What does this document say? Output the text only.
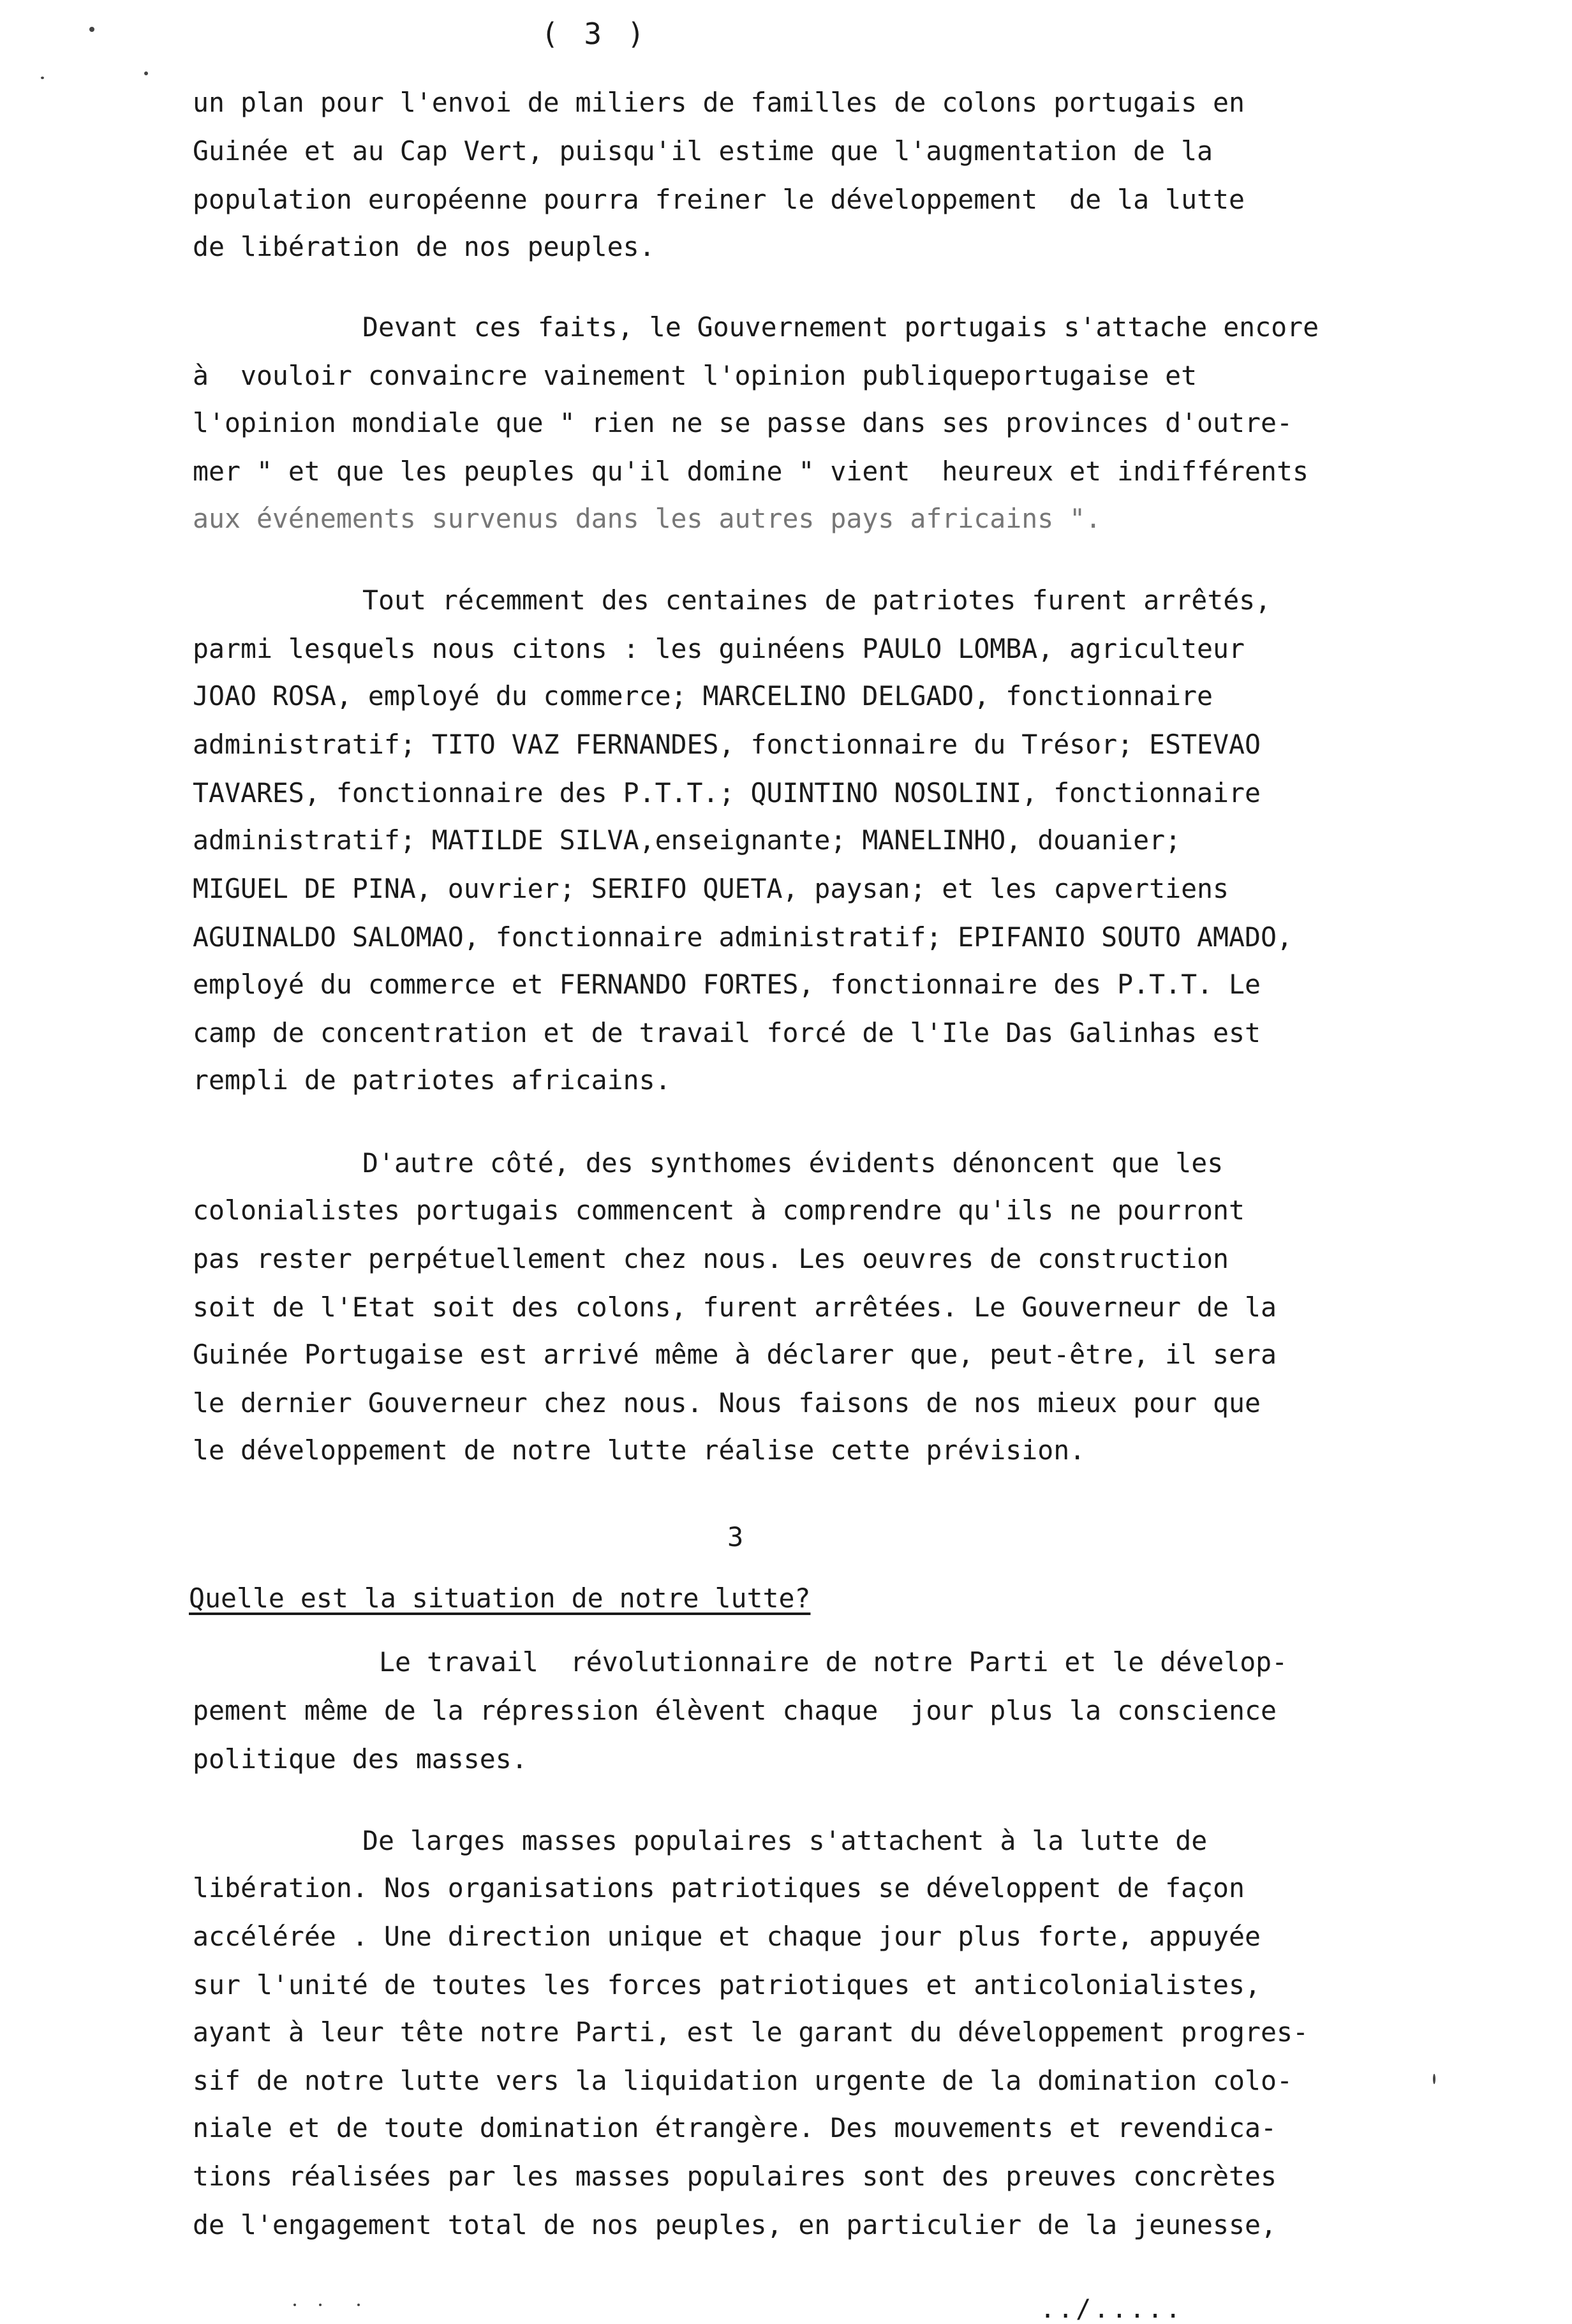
( 3 )
un plan pour l'envoi de miliers de familles de colons portugais en
Guinée et au Cap Vert, puisqu'il estime que l'augmentation de la
population européenne pourra freiner le développement  de la lutte
de libération de nos peuples.
Devant ces faits, le Gouvernement portugais s'attache encore
à  vouloir convaincre vainement l'opinion publiqueportugaise et
l'opinion mondiale que " rien ne se passe dans ses provinces d'outre-
mer " et que les peuples qu'il domine " vient  heureux et indifférents
aux événements survenus dans les autres pays africains ".
Tout récemment des centaines de patriotes furent arrêtés,
parmi lesquels nous citons : les guinéens PAULO LOMBA, agriculteur
JOAO ROSA, employé du commerce; MARCELINO DELGADO, fonctionnaire
administratif; TITO VAZ FERNANDES, fonctionnaire du Trésor; ESTEVAO
TAVARES, fonctionnaire des P.T.T.; QUINTINO NOSOLINI, fonctionnaire
administratif; MATILDE SILVA,enseignante; MANELINHO, douanier;
MIGUEL DE PINA, ouvrier; SERIFO QUETA, paysan; et les capvertiens
AGUINALDO SALOMAO, fonctionnaire administratif; EPIFANIO SOUTO AMADO,
employé du commerce et FERNANDO FORTES, fonctionnaire des P.T.T. Le
camp de concentration et de travail forcé de l'Ile Das Galinhas est
rempli de patriotes africains.
D'autre côté, des synthomes évidents dénoncent que les
colonialistes portugais commencent à comprendre qu'ils ne pourront
pas rester perpétuellement chez nous. Les oeuvres de construction
soit de l'Etat soit des colons, furent arrêtées. Le Gouverneur de la
Guinée Portugaise est arrivé même à déclarer que, peut-être, il sera
le dernier Gouverneur chez nous. Nous faisons de nos mieux pour que
le développement de notre lutte réalise cette prévision.
3
Quelle est la situation de notre lutte?
Le travail  révolutionnaire de notre Parti et le dévelop-
pement même de la répression élèvent chaque  jour plus la conscience
politique des masses.
De larges masses populaires s'attachent à la lutte de
libération. Nos organisations patriotiques se développent de façon
accélérée . Une direction unique et chaque jour plus forte, appuyée
sur l'unité de toutes les forces patriotiques et anticolonialistes,
ayant à leur tête notre Parti, est le garant du développement progres-
sif de notre lutte vers la liquidation urgente de la domination colo-
niale et de toute domination étrangère. Des mouvements et revendica-
tions réalisées par les masses populaires sont des preuves concrètes
de l'engagement total de nos peuples, en particulier de la jeunesse,
../.....
